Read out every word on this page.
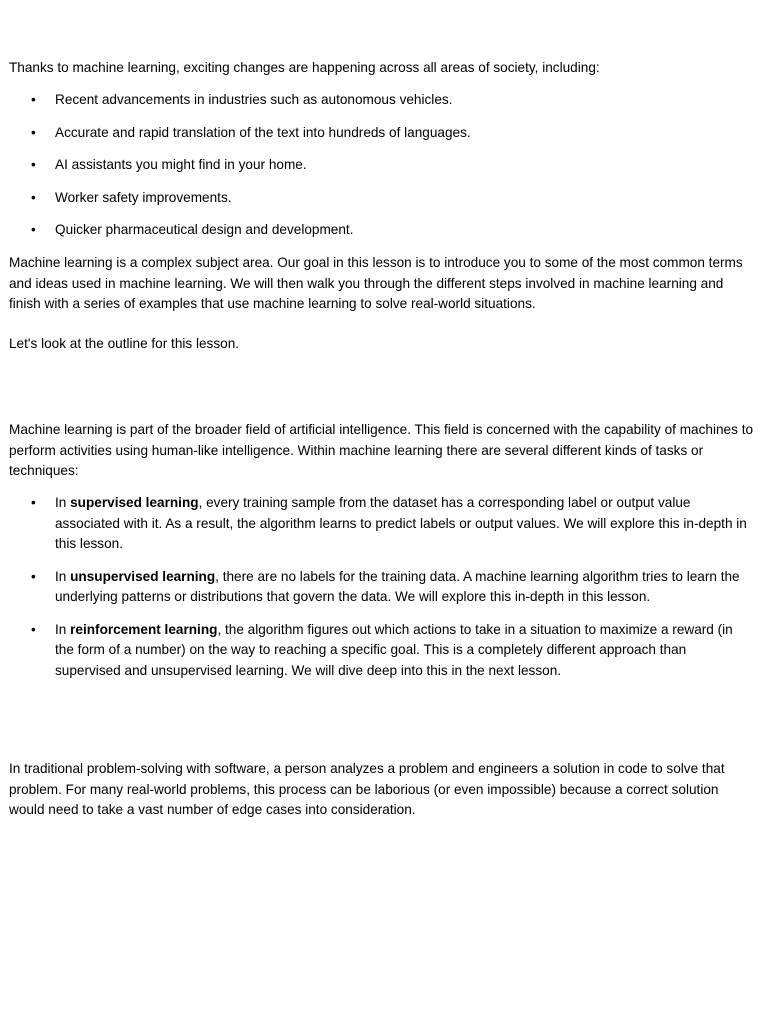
Thanks to machine learning, exciting changes are happening across all areas of society, including:

• Recent advancements in industries such as autonomous vehicles.
• Accurate and rapid translation of the text into hundreds of languages.
• AI assistants you might find in your home.
• Worker safety improvements.
• Quicker pharmaceutical design and development.

Machine learning is a complex subject area. Our goal in this lesson is to introduce you to some of the most common terms and ideas used in machine learning. We will then walk you through the different steps involved in machine learning and finish with a series of examples that use machine learning to solve real-world situations.

Let's look at the outline for this lesson.

Machine learning is part of the broader field of artificial intelligence. This field is concerned with the capability of machines to perform activities using human-like intelligence. Within machine learning there are several different kinds of tasks or techniques:

• In supervised learning, every training sample from the dataset has a corresponding label or output value associated with it. As a result, the algorithm learns to predict labels or output values. We will explore this in-depth in this lesson.
• In unsupervised learning, there are no labels for the training data. A machine learning algorithm tries to learn the underlying patterns or distributions that govern the data. We will explore this in-depth in this lesson.
• In reinforcement learning, the algorithm figures out which actions to take in a situation to maximize a reward (in the form of a number) on the way to reaching a specific goal. This is a completely different approach than supervised and unsupervised learning. We will dive deep into this in the next lesson.

In traditional problem-solving with software, a person analyzes a problem and engineers a solution in code to solve that problem. For many real-world problems, this process can be laborious (or even impossible) because a correct solution would need to take a vast number of edge cases into consideration.
